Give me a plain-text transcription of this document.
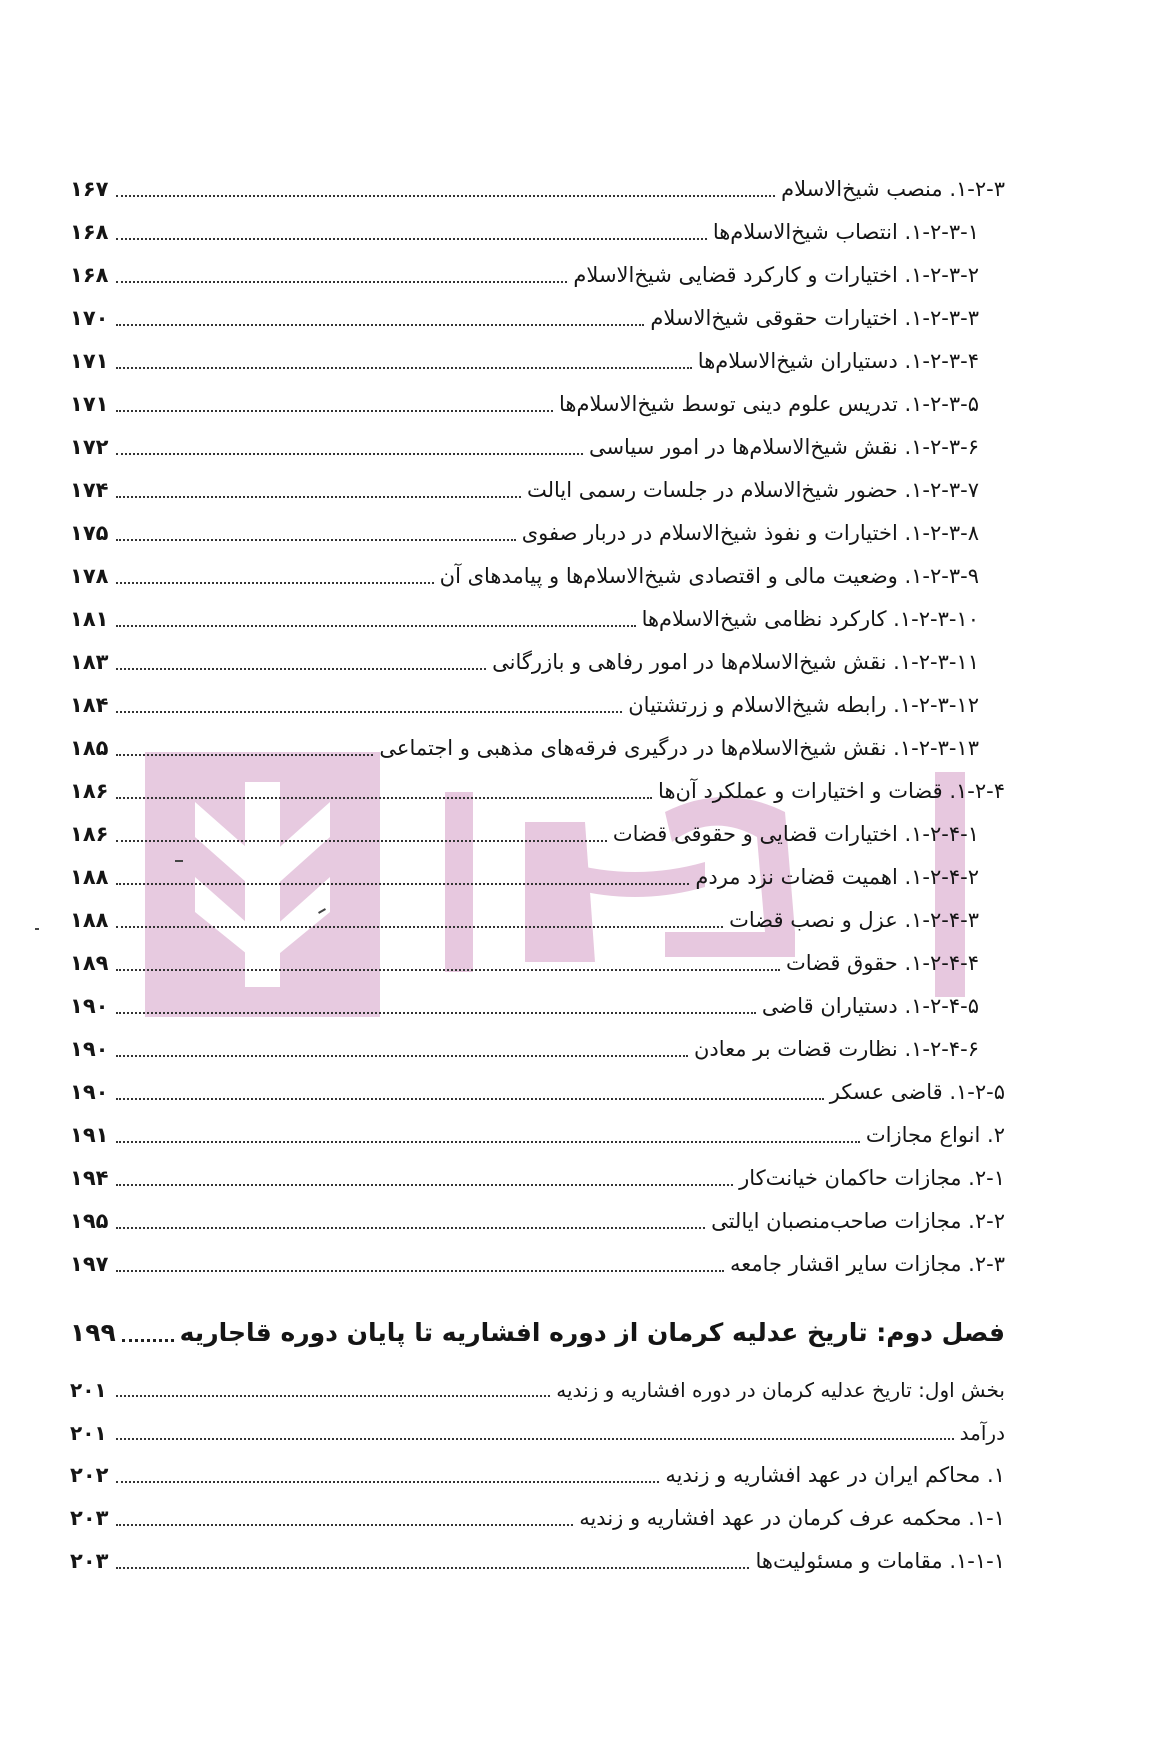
۱-۲-۳. منصب شیخ‌الاسلام
۱۶۷
۱-۲-۳-۱. انتصاب شیخ‌الاسلام‌ها
۱۶۸
۱-۲-۳-۲. اختیارات و کارکرد قضایی شیخ‌الاسلام
۱۶۸
۱-۲-۳-۳. اختیارات حقوقی شیخ‌الاسلام
۱۷۰
۱-۲-۳-۴. دستیاران شیخ‌الاسلام‌ها
۱۷۱
۱-۲-۳-۵. تدریس علوم دینی توسط شیخ‌الاسلام‌ها
۱۷۱
۱-۲-۳-۶. نقش شیخ‌الاسلام‌ها در امور سیاسی
۱۷۲
۱-۲-۳-۷. حضور شیخ‌الاسلام در جلسات رسمی ایالت
۱۷۴
۱-۲-۳-۸. اختیارات و نفوذ شیخ‌الاسلام در دربار صفوی
۱۷۵
۱-۲-۳-۹. وضعیت مالی و اقتصادی شیخ‌الاسلام‌ها و پیامدهای آن
۱۷۸
۱-۲-۳-۱۰. کارکرد نظامی شیخ‌الاسلام‌ها
۱۸۱
۱-۲-۳-۱۱. نقش شیخ‌الاسلام‌ها در امور رفاهی و بازرگانی
۱۸۳
۱-۲-۳-۱۲. رابطه شیخ‌الاسلام و زرتشتیان
۱۸۴
۱-۲-۳-۱۳. نقش شیخ‌الاسلام‌ها در درگیری فرقه‌های مذهبی و اجتماعی
۱۸۵
۱-۲-۴. قضات و اختیارات و عملکرد آن‌ها
۱۸۶
۱-۲-۴-۱. اختیارات قضایی و حقوقی قضات
۱۸۶
۱-۲-۴-۲. اهمیت قضات نزد مردم
۱۸۸
۱-۲-۴-۳. عزل و نصب قضات
۱۸۸
۱-۲-۴-۴. حقوق قضات
۱۸۹
۱-۲-۴-۵. دستیاران قاضی
۱۹۰
۱-۲-۴-۶. نظارت قضات بر معادن
۱۹۰
۱-۲-۵. قاضی عسکر
۱۹۰
۲. انواع مجازات
۱۹۱
۲-۱. مجازات حاکمان خیانت‌کار
۱۹۴
۲-۲. مجازات صاحب‌منصبان ایالتی
۱۹۵
۲-۳. مجازات سایر اقشار جامعه
۱۹۷
فصل دوم: تاریخ عدلیه کرمان از دوره افشاریه تا پایان دوره قاجاریه
۱۹۹
بخش اول: تاریخ عدلیه کرمان در دوره افشاریه و زندیه
۲۰۱
درآمد
۲۰۱
۱. محاکم ایران در عهد افشاریه و زندیه
۲۰۲
۱-۱. محکمه عرف کرمان در عهد افشاریه و زندیه
۲۰۳
۱-۱-۱. مقامات و مسئولیت‌ها
۲۰۳
